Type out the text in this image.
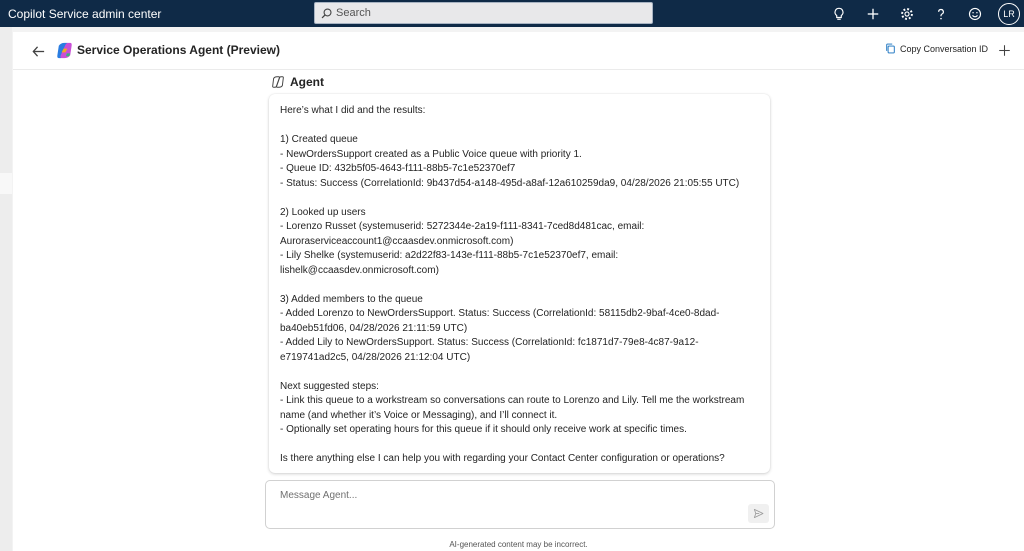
Copilot Service admin center
Search	LR
Service Operations Agent (Preview)	Copy Conversation ID
Agent
Here’s what I did and the results:
1) Created queue
- NewOrdersSupport created as a Public Voice queue with priority 1.
- Queue ID: 432b5f05-4643-f111-88b5-7c1e52370ef7
- Status: Success (CorrelationId: 9b437d54-a148-495d-a8af-12a610259da9, 04/28/2026 21:05:55 UTC)
2) Looked up users
- Lorenzo Russet (systemuserid: 5272344e-2a19-f111-8341-7ced8d481cac, email:
Auroraserviceaccount1@ccaasdev.onmicrosoft.com)
- Lily Shelke (systemuserid: a2d22f83-143e-f111-88b5-7c1e52370ef7, email:
lishelk@ccaasdev.onmicrosoft.com)
3) Added members to the queue
- Added Lorenzo to NewOrdersSupport. Status: Success (CorrelationId: 58115db2-9baf-4ce0-8dad-
ba40eb51fd06, 04/28/2026 21:11:59 UTC)
- Added Lily to NewOrdersSupport. Status: Success (CorrelationId: fc1871d7-79e8-4c87-9a12-
e719741ad2c5, 04/28/2026 21:12:04 UTC)
Next suggested steps:
- Link this queue to a workstream so conversations can route to Lorenzo and Lily. Tell me the workstream
name (and whether it’s Voice or Messaging), and I’ll connect it.
- Optionally set operating hours for this queue if it should only receive work at specific times.
Is there anything else I can help you with regarding your Contact Center configuration or operations?
Message Agent...
AI-generated content may be incorrect.
